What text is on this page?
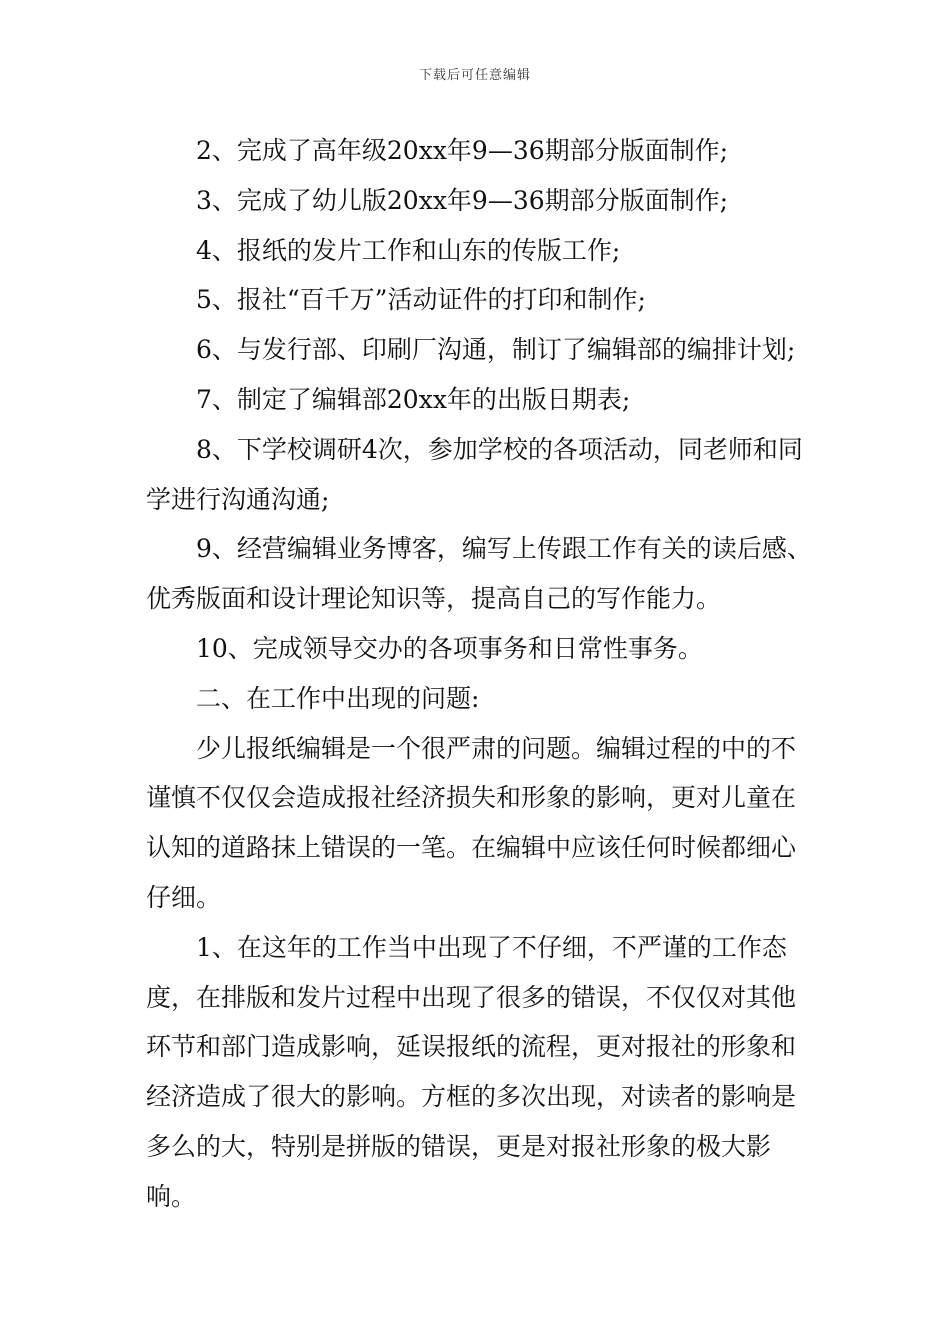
下载后可任意编辑

2、完成了高年级20xx年9—36期部分版面制作;

3、完成了幼儿版20xx年9—36期部分版面制作;

4、报纸的发片工作和山东的传版工作;

5、报社“百千万”活动证件的打印和制作;

6、与发行部、印刷厂沟通，制订了编辑部的编排计划;

7、制定了编辑部20xx年的出版日期表;

8、下学校调研4次，参加学校的各项活动，同老师和同学进行沟通沟通;

9、经营编辑业务博客，编写上传跟工作有关的读后感、优秀版面和设计理论知识等，提高自己的写作能力。

10、完成领导交办的各项事务和日常性事务。

二、在工作中出现的问题:

少儿报纸编辑是一个很严肃的问题。编辑过程的中的不谨慎不仅仅会造成报社经济损失和形象的影响，更对儿童在认知的道路抹上错误的一笔。在编辑中应该任何时候都细心仔细。

1、在这年的工作当中出现了不仔细，不严谨的工作态度，在排版和发片过程中出现了很多的错误，不仅仅对其他环节和部门造成影响，延误报纸的流程，更对报社的形象和经济造成了很大的影响。方框的多次出现，对读者的影响是多么的大，特别是拼版的错误，更是对报社形象的极大影响。
